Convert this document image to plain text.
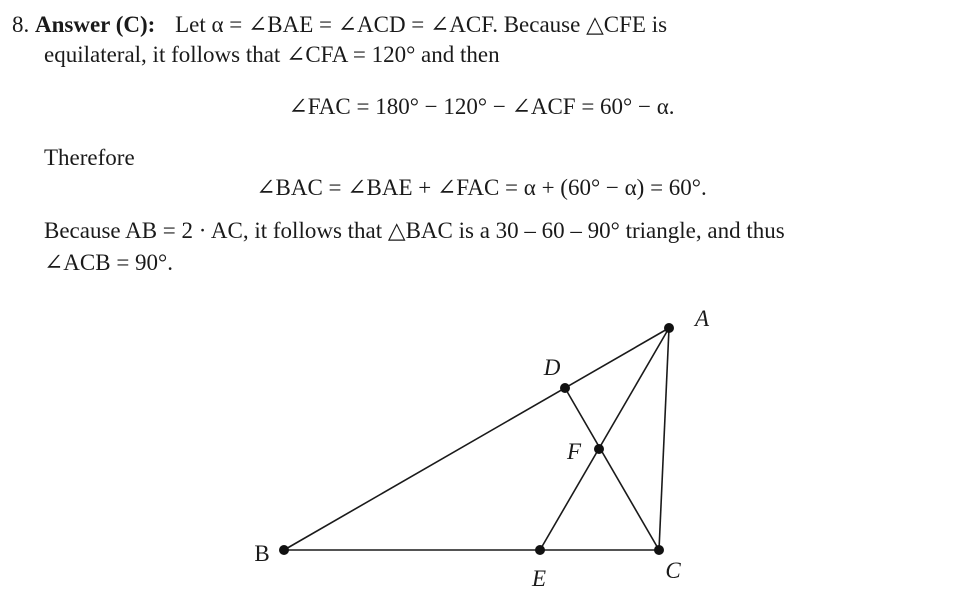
8. Answer (C): Let α = ∠BAE = ∠ACD = ∠ACF. Because △CFE is
equilateral, it follows that ∠CFA = 120° and then
∠FAC = 180° − 120° − ∠ACF = 60° − α.
Therefore
∠BAC = ∠BAE + ∠FAC = α + (60° − α) = 60°.
Because AB = 2 · AC, it follows that △BAC is a 30 – 60 – 90° triangle, and thus
∠ACB = 90°.
A
B
C
D
E
F
